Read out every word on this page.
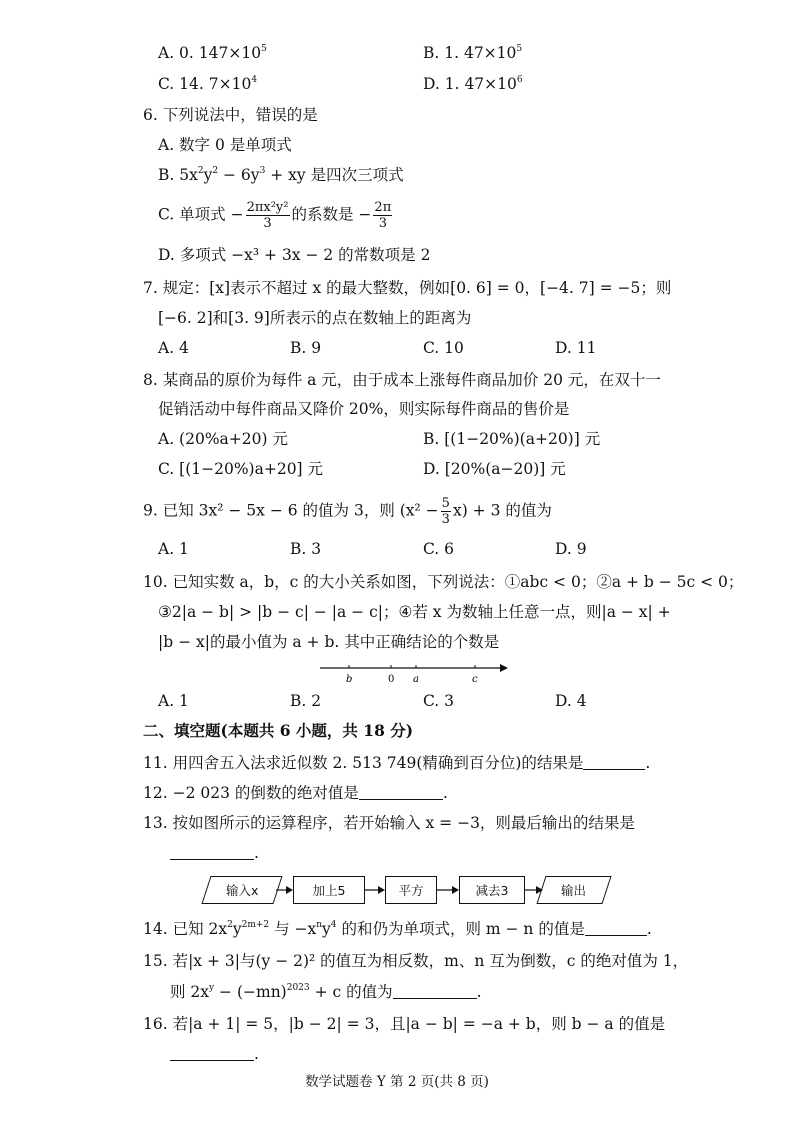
A. 0. $147\times 10^5$	B. 1. $47\times 10^5$
C. 14. $7\times 10^4$	D. 1. $47\times 10^6$
6. 下列说法中，错误的是
A. 数字 0 是单项式
B. $5x^2y^2 - 6y^3$ + xy 是四次三项式
C. 单项式 − $\frac{\text{2πx²y²}}{3}$ 的系数是 − $\frac{2\pi}{3}$
D. 多项式 −x³ + 3x − 2 的常数项是 2
7. 规定：[x]表示不超过 x 的最大整数，例如[0. 6] = 0，[−4. 7] = −5；则
[−6. 2]和[3. 9]所表示的点在数轴上的距离为
A. 4	B. 9	C. 10	D. 11
8. 某商品的原价为每件 a 元，由于成本上涨每件商品加价 20 元，在双十一
促销活动中每件商品又降价 20%，则实际每件商品的售价是
A. (20%a+20) 元	B. [(1−20%)(a+20)] 元
C. [(1−20%)a+20] 元	D. [20%(a−20)] 元
9. 已知 3x² − 5x − 6 的值为 3，则 $(x^2 - \frac{5}{3} x) + 3$ 的值为
A. 1	B. 3	C. 6	D. 9
10. 已知实数 a，b，c 的大小关系如图，下列说法：①abc < 0；②a + b − 5c < 0；
③2|a − b| > |b − c| − |a − c|；④若 x 为数轴上任意一点，则|a − x| +
|b − x|的最小值为 a + b. 其中正确结论的个数是
b	0 a	c
A. 1	B. 2	C. 3	D. 4
二、填空题(本题共 6 小题，共 18 分)
11. 用四舍五入法求近似数 2. 513 749(精确到百分位)的结果是	.
12. −2 023 的倒数的绝对值是	.
13. 按如图所示的运算程序，若开始输入 x = −3，则最后输出的结果是
.
输入x	加上5	平方	减去3	输出
14. 已知 $2x^2y^{2m+2}$ 与 $-x^ny^4$ 的和仍为单项式，则 m − n 的值是	.
15. 若|x + 3|与(y − 2)² 的值互为相反数，m、n 互为倒数，c 的绝对值为 1，
则 $2x^y - (-mn)^{2023} + c$ 的值为	.
16. 若|a + 1| = 5，|b − 2| = 3，且|a − b| = −a + b，则 b − a 的值是
.
数学试题卷 Y 第 2 页(共 8 页)
